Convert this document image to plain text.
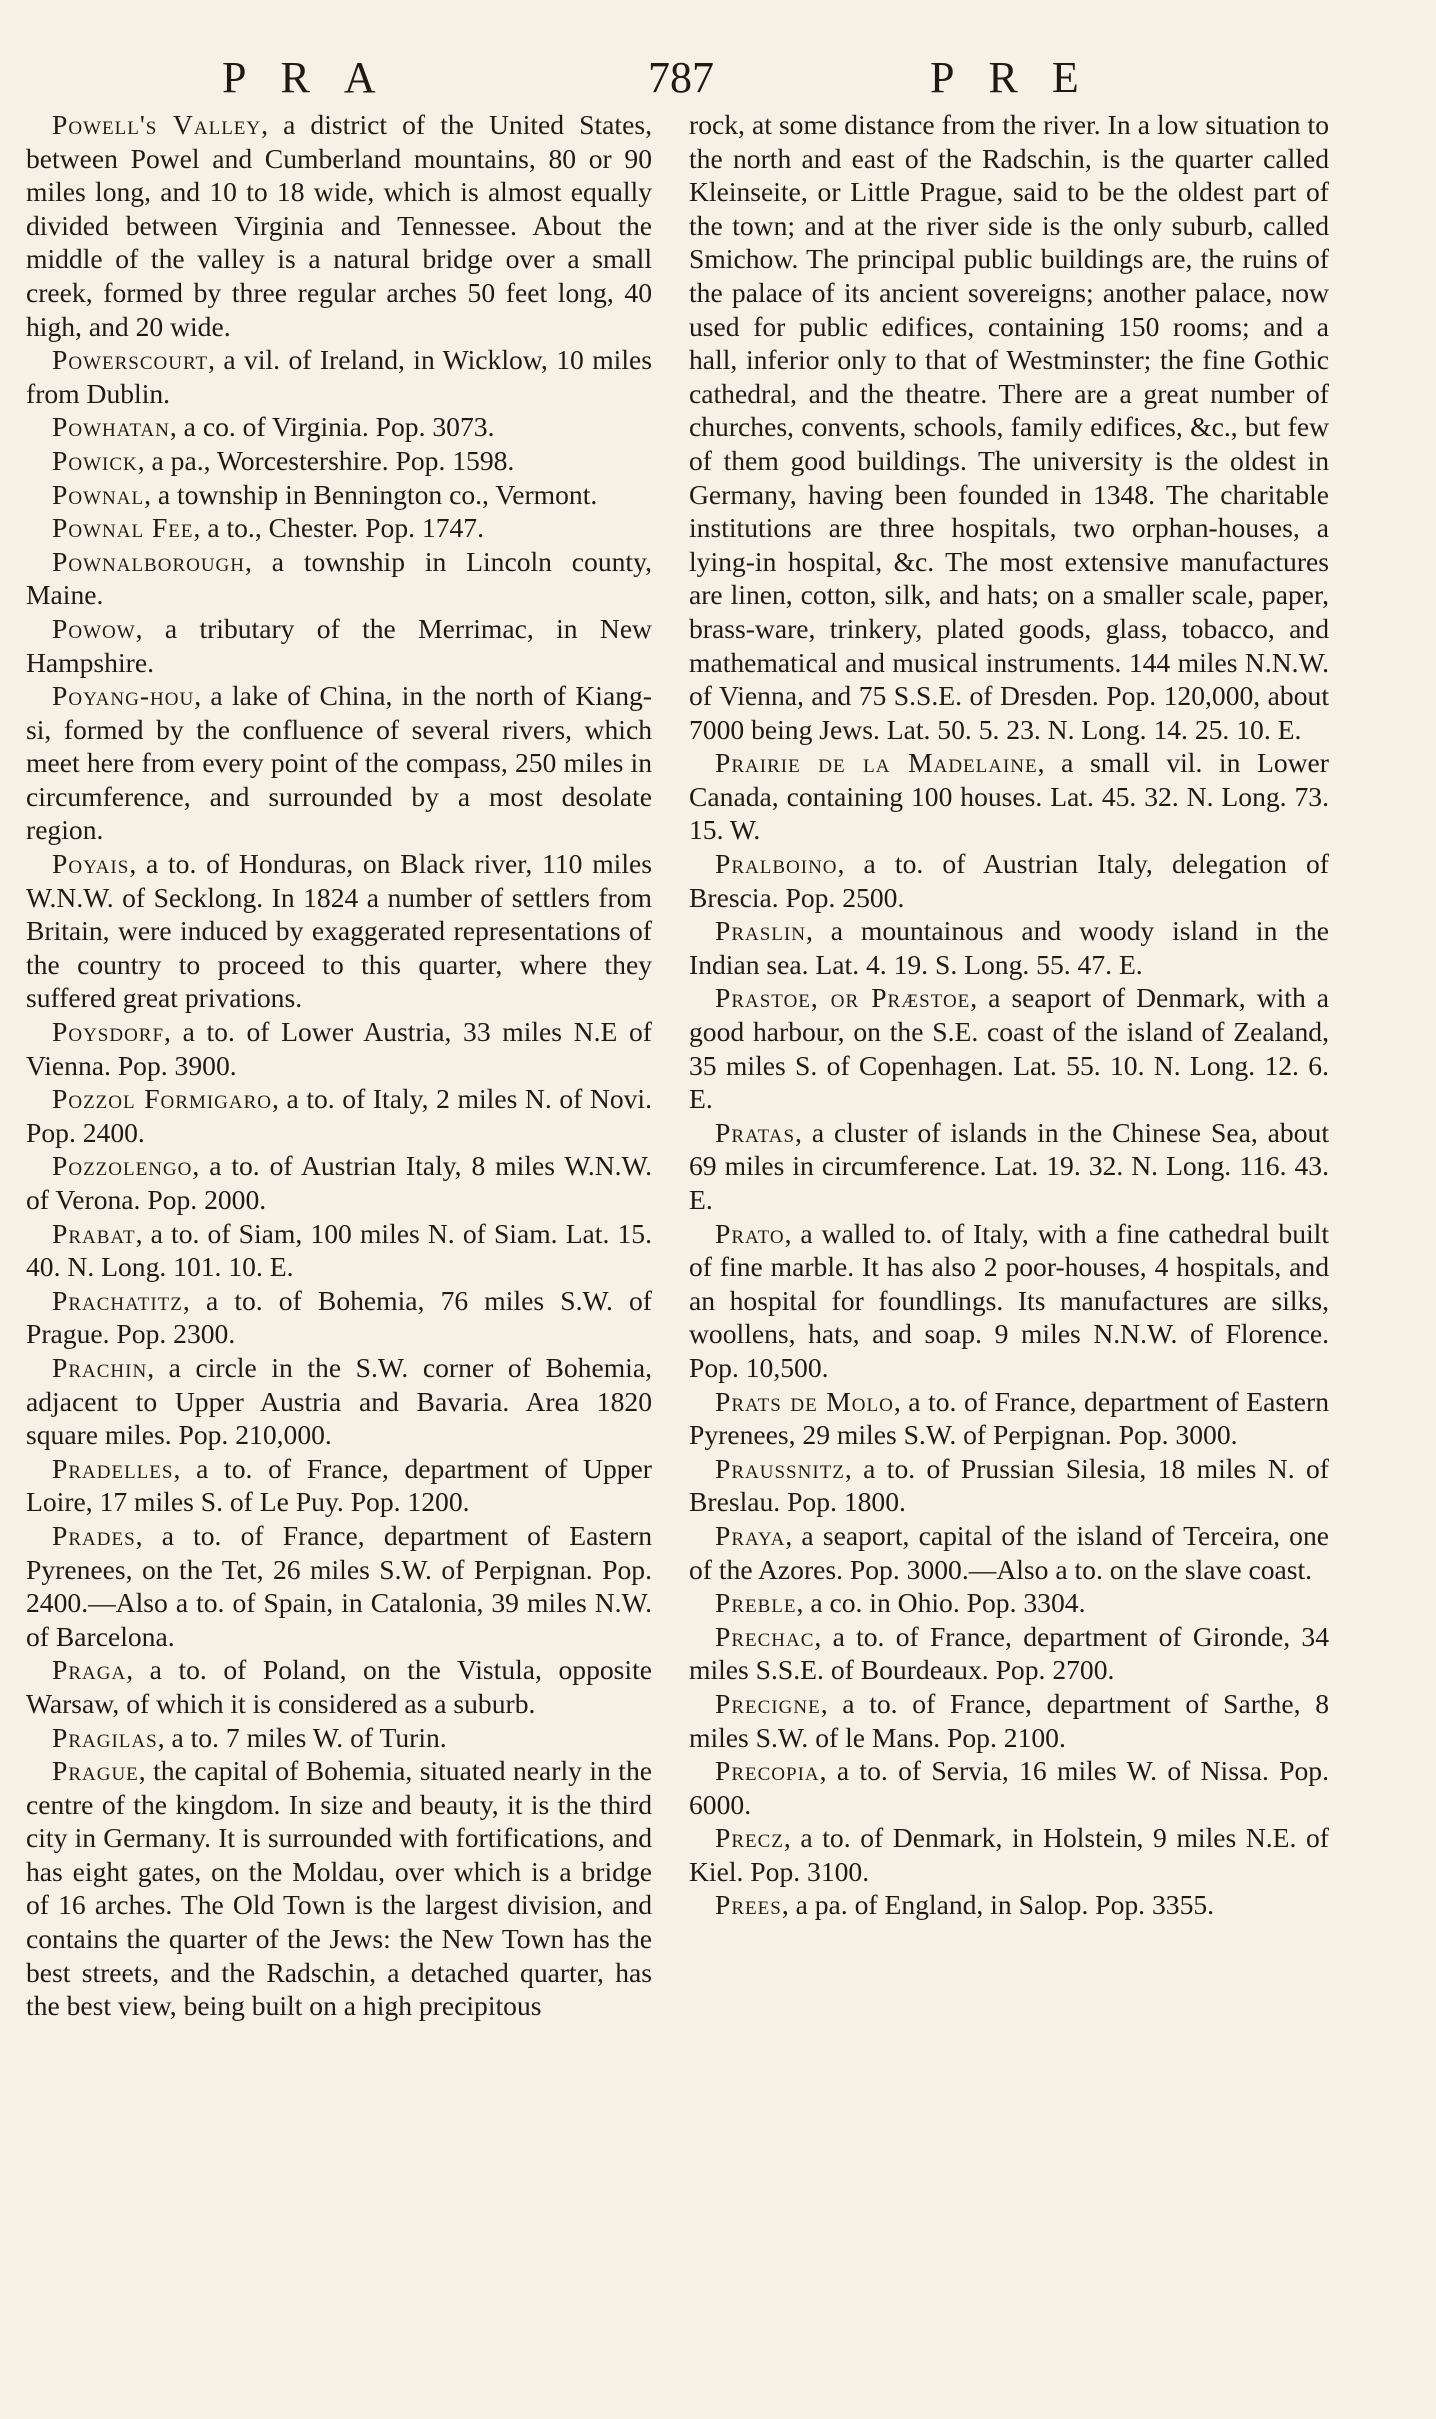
PRA	787	PRE

Powell's Valley, a district of the United States, between Powel and Cumberland mountains, 80 or 90 miles long, and 10 to 18 wide, which is almost equally divided between Virginia and Tennessee. About the middle of the valley is a natural bridge over a small creek, formed by three regular arches 50 feet long, 40 high, and 20 wide.

Powerscourt, a vil. of Ireland, in Wicklow, 10 miles from Dublin.

Powhatan, a co. of Virginia. Pop. 3073.

Powick, a pa., Worcestershire. Pop. 1598.

Pownal, a township in Bennington co., Vermont.

Pownal Fee, a to., Chester. Pop. 1747.

Pownalborough, a township in Lincoln county, Maine.

Powow, a tributary of the Merrimac, in New Hampshire.

Poyang-hou, a lake of China, in the north of Kiang-si, formed by the confluence of several rivers, which meet here from every point of the compass, 250 miles in circumference, and surrounded by a most desolate region.

Poyais, a to. of Honduras, on Black river, 110 miles W.N.W. of Secklong. In 1824 a number of settlers from Britain, were induced by exaggerated representations of the country to proceed to this quarter, where they suffered great privations.

Poysdorf, a to. of Lower Austria, 33 miles N.E of Vienna. Pop. 3900.

Pozzol Formigaro, a to. of Italy, 2 miles N. of Novi. Pop. 2400.

Pozzolengo, a to. of Austrian Italy, 8 miles W.N.W. of Verona. Pop. 2000.

Prabat, a to. of Siam, 100 miles N. of Siam. Lat. 15. 40. N. Long. 101. 10. E.

Prachatitz, a to. of Bohemia, 76 miles S.W. of Prague. Pop. 2300.

Prachin, a circle in the S.W. corner of Bohemia, adjacent to Upper Austria and Bavaria. Area 1820 square miles. Pop. 210,000.

Pradelles, a to. of France, department of Upper Loire, 17 miles S. of Le Puy. Pop. 1200.

Prades, a to. of France, department of Eastern Pyrenees, on the Tet, 26 miles S.W. of Perpignan. Pop. 2400.—Also a to. of Spain, in Catalonia, 39 miles N.W. of Barcelona.

Praga, a to. of Poland, on the Vistula, opposite Warsaw, of which it is considered as a suburb.

Pragilas, a to. 7 miles W. of Turin.

Prague, the capital of Bohemia, situated nearly in the centre of the kingdom. In size and beauty, it is the third city in Germany. It is surrounded with fortifications, and has eight gates, on the Moldau, over which is a bridge of 16 arches. The Old Town is the largest division, and contains the quarter of the Jews: the New Town has the best streets, and the Radschin, a detached quarter, has the best view, being built on a high precipitous

rock, at some distance from the river. In a low situation to the north and east of the Radschin, is the quarter called Kleinseite, or Little Prague, said to be the oldest part of the town; and at the river side is the only suburb, called Smichow. The principal public buildings are, the ruins of the palace of its ancient sovereigns; another palace, now used for public edifices, containing 150 rooms; and a hall, inferior only to that of Westminster; the fine Gothic cathedral, and the theatre. There are a great number of churches, convents, schools, family edifices, &c., but few of them good buildings. The university is the oldest in Germany, having been founded in 1348. The charitable institutions are three hospitals, two orphan-houses, a lying-in hospital, &c. The most extensive manufactures are linen, cotton, silk, and hats; on a smaller scale, paper, brass-ware, trinkery, plated goods, glass, tobacco, and mathematical and musical instruments. 144 miles N.N.W. of Vienna, and 75 S.S.E. of Dresden. Pop. 120,000, about 7000 being Jews. Lat. 50. 5. 23. N. Long. 14. 25. 10. E.

Prairie de la Madelaine, a small vil. in Lower Canada, containing 100 houses. Lat. 45. 32. N. Long. 73. 15. W.

Pralboino, a to. of Austrian Italy, delegation of Brescia. Pop. 2500.

Praslin, a mountainous and woody island in the Indian sea. Lat. 4. 19. S. Long. 55. 47. E.

Prastoe, or Præstoe, a seaport of Denmark, with a good harbour, on the S.E. coast of the island of Zealand, 35 miles S. of Copenhagen. Lat. 55. 10. N. Long. 12. 6. E.

Pratas, a cluster of islands in the Chinese Sea, about 69 miles in circumference. Lat. 19. 32. N. Long. 116. 43. E.

Prato, a walled to. of Italy, with a fine cathedral built of fine marble. It has also 2 poor-houses, 4 hospitals, and an hospital for foundlings. Its manufactures are silks, woollens, hats, and soap. 9 miles N.N.W. of Florence. Pop. 10,500.

Prats de Molo, a to. of France, department of Eastern Pyrenees, 29 miles S.W. of Perpignan. Pop. 3000.

Praussnitz, a to. of Prussian Silesia, 18 miles N. of Breslau. Pop. 1800.

Praya, a seaport, capital of the island of Terceira, one of the Azores. Pop. 3000.—Also a to. on the slave coast.

Preble, a co. in Ohio. Pop. 3304.

Prechac, a to. of France, department of Gironde, 34 miles S.S.E. of Bourdeaux. Pop. 2700.

Precigne, a to. of France, department of Sarthe, 8 miles S.W. of le Mans. Pop. 2100.

Precopia, a to. of Servia, 16 miles W. of Nissa. Pop. 6000.

Precz, a to. of Denmark, in Holstein, 9 miles N.E. of Kiel. Pop. 3100.

Prees, a pa. of England, in Salop. Pop. 3355.
